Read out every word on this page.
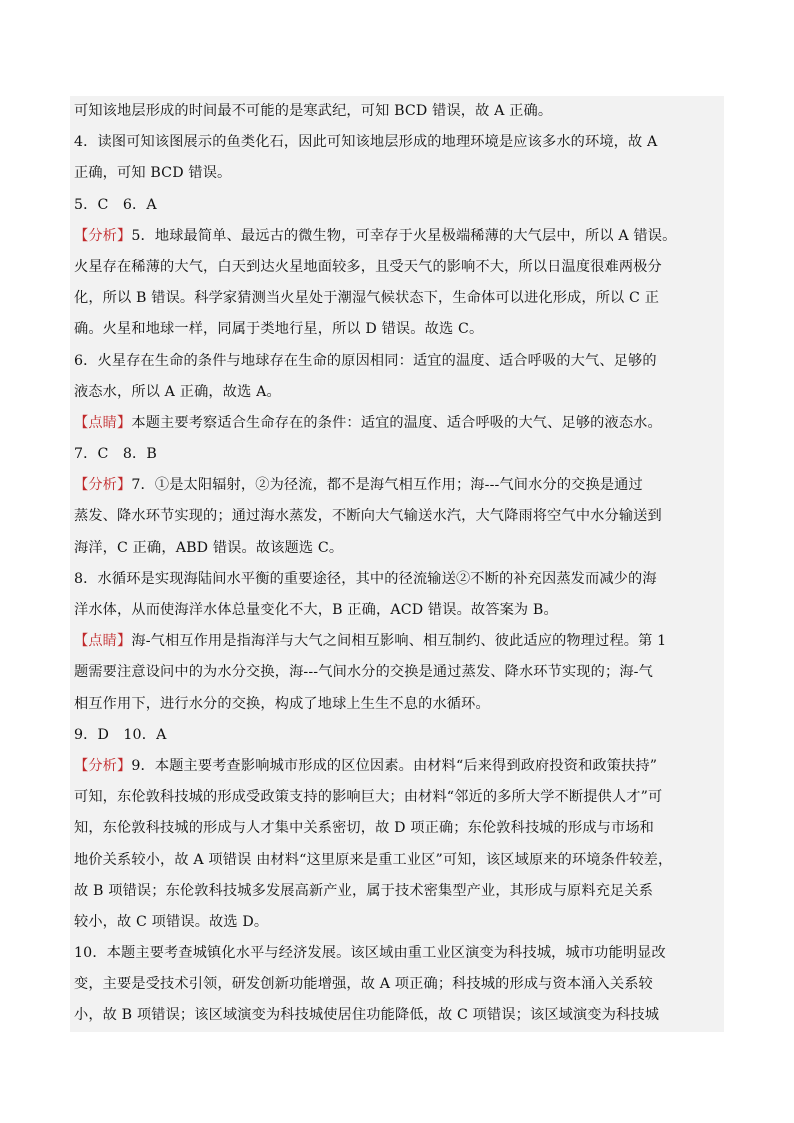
可知该地层形成的时间最不可能的是寒武纪，可知 BCD 错误，故 A 正确。
4．读图可知该图展示的鱼类化石，因此可知该地层形成的地理环境是应该多水的环境，故 A
正确，可知 BCD 错误。
5．C　6．A
【分析】5．地球最简单、最远古的微生物，可幸存于火星极端稀薄的大气层中，所以 A 错误。
火星存在稀薄的大气，白天到达火星地面较多，且受天气的影响不大，所以日温度很难两极分
化，所以 B 错误。科学家猜测当火星处于潮湿气候状态下，生命体可以进化形成，所以 C 正
确。火星和地球一样，同属于类地行星，所以 D 错误。故选 C。
6．火星存在生命的条件与地球存在生命的原因相同：适宜的温度、适合呼吸的大气、足够的
液态水，所以 A 正确，故选 A。
【点睛】本题主要考察适合生命存在的条件：适宜的温度、适合呼吸的大气、足够的液态水。
7．C　8．B
【分析】7．①是太阳辐射，②为径流，都不是海气相互作用；海---气间水分的交换是通过
蒸发、降水环节实现的；通过海水蒸发，不断向大气输送水汽，大气降雨将空气中水分输送到
海洋，C 正确，ABD 错误。故该题选 C。
8．水循环是实现海陆间水平衡的重要途径，其中的径流输送②不断的补充因蒸发而减少的海
洋水体，从而使海洋水体总量变化不大，B 正确，ACD 错误。故答案为 B。
【点睛】海-气相互作用是指海洋与大气之间相互影响、相互制约、彼此适应的物理过程。第 1
题需要注意设问中的为水分交换，海---气间水分的交换是通过蒸发、降水环节实现的；海-气
相互作用下，进行水分的交换，构成了地球上生生不息的水循环。
9．D　10．A
【分析】9．本题主要考查影响城市形成的区位因素。由材料“后来得到政府投资和政策扶持”
可知，东伦敦科技城的形成受政策支持的影响巨大；由材料“邻近的多所大学不断提供人才”可
知，东伦敦科技城的形成与人才集中关系密切，故 D 项正确；东伦敦科技城的形成与市场和
地价关系较小，故 A 项错误 由材料“这里原来是重工业区”可知，该区域原来的环境条件较差，
故 B 项错误；东伦敦科技城多发展高新产业，属于技术密集型产业，其形成与原料充足关系
较小，故 C 项错误。故选 D。
10．本题主要考查城镇化水平与经济发展。该区域由重工业区演变为科技城，城市功能明显改
变，主要是受技术引领，研发创新功能增强，故 A 项正确；科技城的形成与资本涌入关系较
小，故 B 项错误；该区域演变为科技城使居住功能降低，故 C 项错误；该区域演变为科技城
